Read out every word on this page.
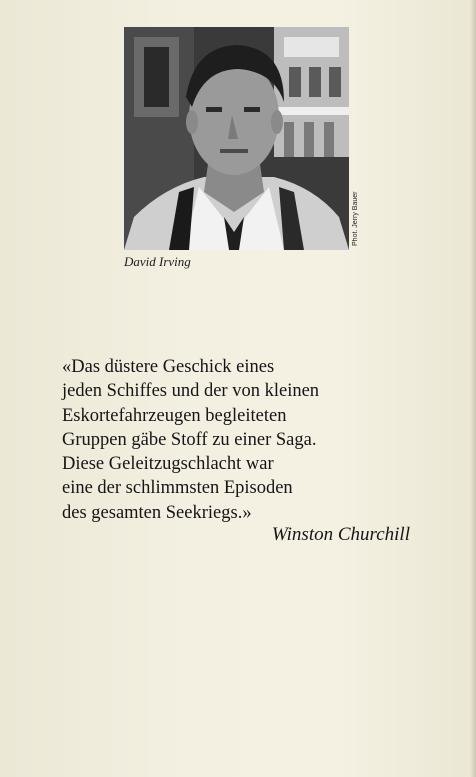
Phot. Jerry Bauer
David Irving
«Das düstere Geschick eines
jeden Schiffes und der von kleinen
Eskortefahrzeugen begleiteten
Gruppen gäbe Stoff zu einer Saga.
Diese Geleitzugschlacht war
eine der schlimmsten Episoden
des gesamten Seekriegs.»
Winston Churchill
